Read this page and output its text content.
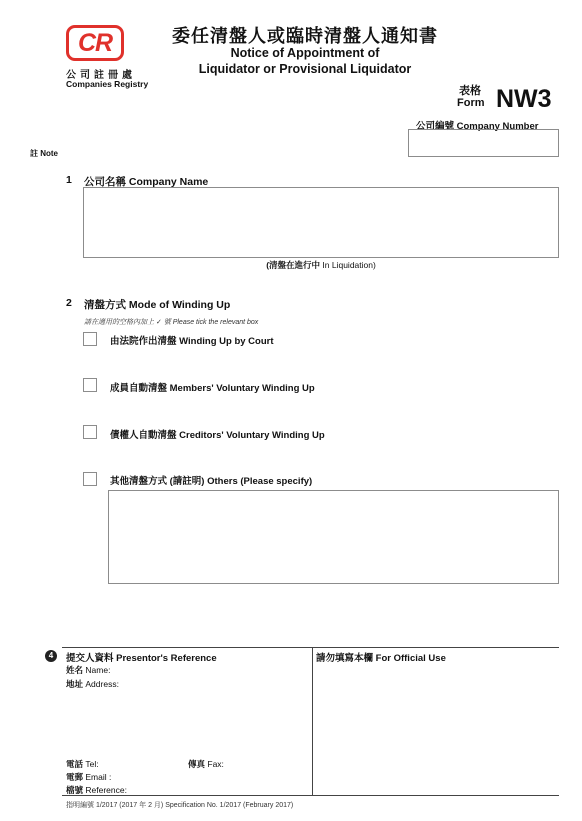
CR
公司註冊處
Companies Registry
委任清盤人或臨時清盤人通知書
Notice of Appointment of
Liquidator or Provisional Liquidator
表格
Form NW3
公司編號 Company Number
註 Note
1 公司名稱 Company Name
(清盤在進行中 In Liquidation)
2 清盤方式 Mode of Winding Up
請在適用的空格內加上 ✓ 號 Please tick the relevant box
由法院作出清盤 Winding Up by Court
成員自動清盤 Members' Voluntary Winding Up
債權人自動清盤 Creditors' Voluntary Winding Up
其他清盤方式 (請註明) Others (Please specify)
4	提交人資料 Presentor's Reference	請勿填寫本欄 For Official Use
姓名 Name:
地址 Address:
電話 Tel:	傳真 Fax:
電郵 Email :
檔號 Reference:
指明編號 1/2017 (2017 年 2 月) Specification No. 1/2017 (February 2017)
